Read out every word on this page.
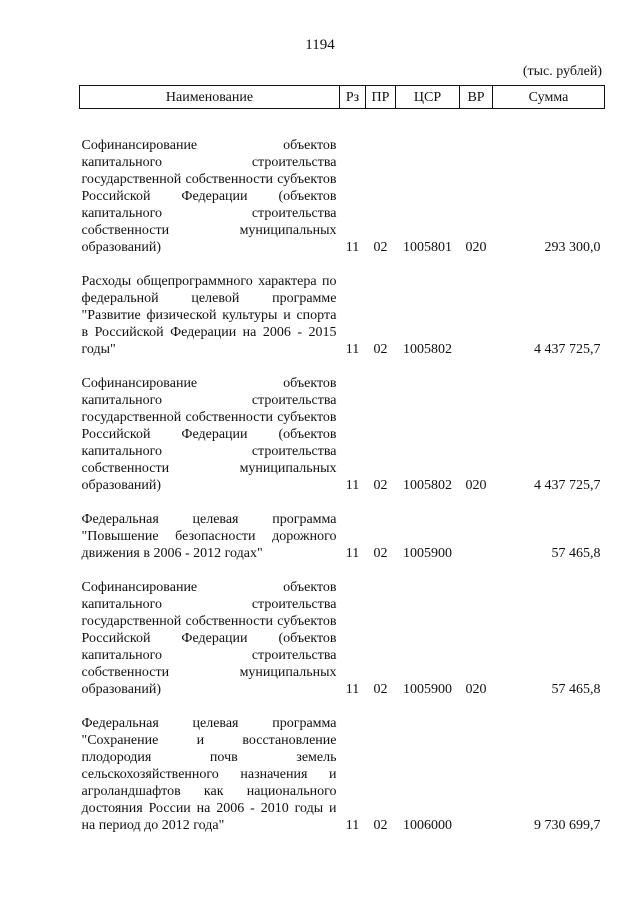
1194
(тыс. рублей)
Наименование	Рз	ПР	ЦСР	ВР	Сумма

Софинансирование объектов капитального строительства государственной собственности субъектов Российской Федерации (объектов капитального строительства собственности муниципальных образований)	11	02	1005801	020	293 300,0

Расходы общепрограммного характера по федеральной целевой программе "Развитие физической культуры и спорта в Российской Федерации на 2006 - 2015 годы"	11	02	1005802		4 437 725,7

Софинансирование объектов капитального строительства государственной собственности субъектов Российской Федерации (объектов капитального строительства собственности муниципальных образований)	11	02	1005802	020	4 437 725,7

Федеральная целевая программа "Повышение безопасности дорожного движения в 2006 - 2012 годах"	11	02	1005900		57 465,8

Софинансирование объектов капитального строительства государственной собственности субъектов Российской Федерации (объектов капитального строительства собственности муниципальных образований)	11	02	1005900	020	57 465,8

Федеральная целевая программа "Сохранение и восстановление плодородия почв земель сельскохозяйственного назначения и агроландшафтов как национального достояния России на 2006 - 2010 годы и на период до 2012 года"	11	02	1006000		9 730 699,7
